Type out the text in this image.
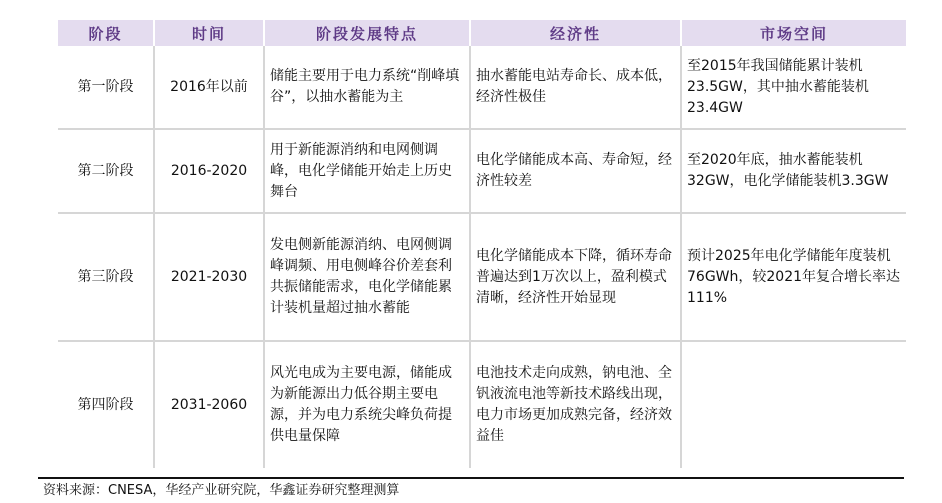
阶段	时间	阶段发展特点	经济性	市场空间
第一阶段	2016年以前	储能主要用于电力系统“削峰填谷”，以抽水蓄能为主	抽水蓄能电站寿命长、成本低，经济性极佳	至2015年我国储能累计装机23.5GW，其中抽水蓄能装机23.4GW
第二阶段	2016-2020	用于新能源消纳和电网侧调峰，电化学储能开始走上历史舞台	电化学储能成本高、寿命短，经济性较差	至2020年底，抽水蓄能装机32GW，电化学储能装机3.3GW
第三阶段	2021-2030	发电侧新能源消纳、电网侧调峰调频、用电侧峰谷价差套利共振储能需求，电化学储能累计装机量超过抽水蓄能	电化学储能成本下降，循环寿命普遍达到1万次以上，盈利模式清晰，经济性开始显现	预计2025年电化学储能年度装机76GWh，较2021年复合增长率达111%
第四阶段	2031-2060	风光电成为主要电源，储能成为新能源出力低谷期主要电源，并为电力系统尖峰负荷提供电量保障	电池技术走向成熟，钠电池、全钒液流电池等新技术路线出现，电力市场更加成熟完备，经济效益佳	
资料来源：CNESA，华经产业研究院，华鑫证券研究整理测算
